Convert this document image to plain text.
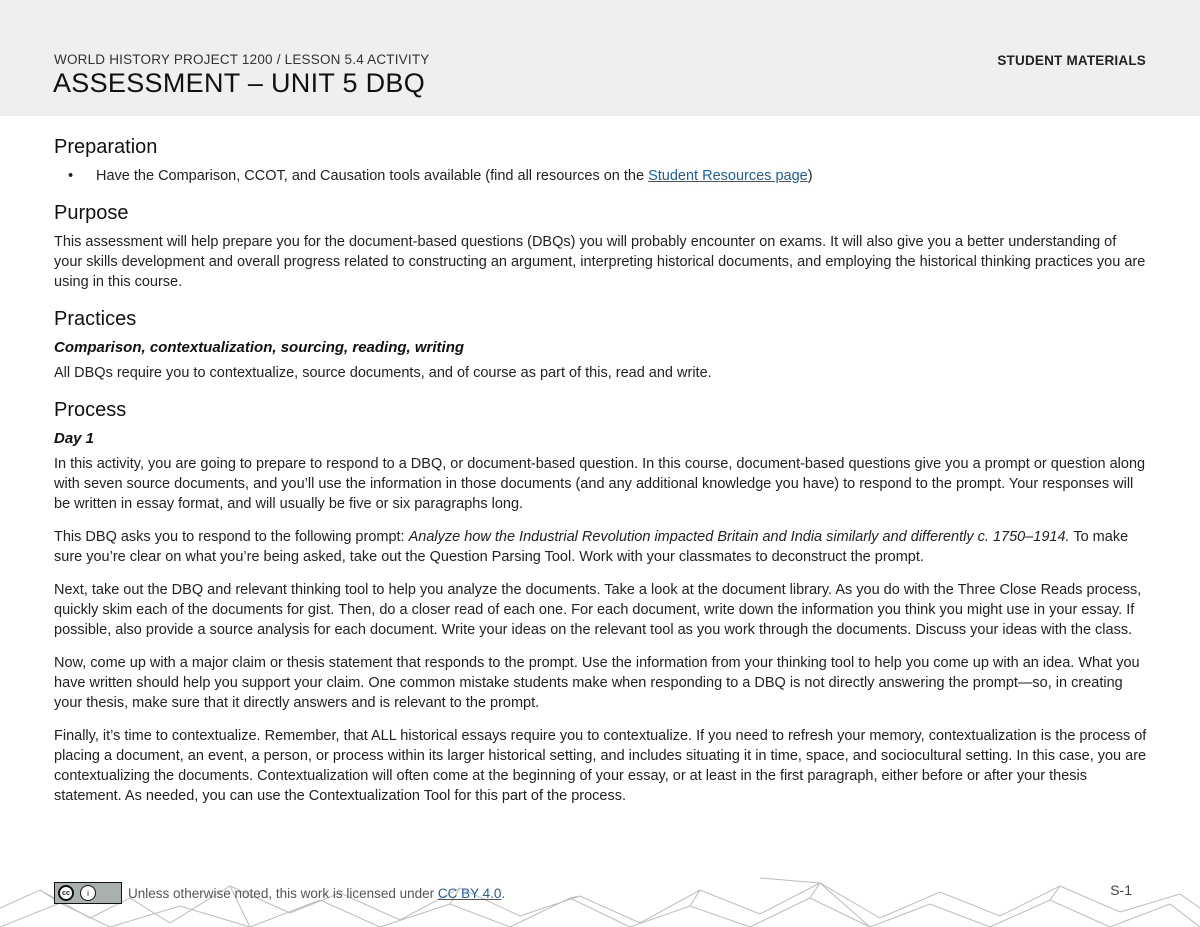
WORLD HISTORY PROJECT 1200 / LESSON 5.4 ACTIVITY
ASSESSMENT – UNIT 5 DBQ
STUDENT MATERIALS
Preparation
• Have the Comparison, CCOT, and Causation tools available (find all resources on the Student Resources page)
Purpose

This assessment will help prepare you for the document-based questions (DBQs) you will probably encounter on exams. It will also give you a better understanding of your skills development and overall progress related to constructing an argument, interpreting historical documents, and employing the historical thinking practices you are using in this course.

Practices
Comparison, contextualization, sourcing, reading, writing

All DBQs require you to contextualize, source documents, and of course as part of this, read and write.

Process
Day 1

In this activity, you are going to prepare to respond to a DBQ, or document-based question. In this course, document-based questions give you a prompt or question along with seven source documents, and you’ll use the information in those documents (and any additional knowledge you have) to respond to the prompt. Your responses will be written in essay format, and will usually be five or six paragraphs long.

This DBQ asks you to respond to the following prompt: Analyze how the Industrial Revolution impacted Britain and India similarly and differently c. 1750–1914. To make sure you’re clear on what you’re being asked, take out the Question Parsing Tool. Work with your classmates to deconstruct the prompt.

Next, take out the DBQ and relevant thinking tool to help you analyze the documents. Take a look at the document library. As you do with the Three Close Reads process, quickly skim each of the documents for gist. Then, do a closer read of each one. For each document, write down the information you think you might use in your essay. If possible, also provide a source analysis for each document. Write your ideas on the relevant tool as you work through the documents. Discuss your ideas with the class.

Now, come up with a major claim or thesis statement that responds to the prompt. Use the information from your thinking tool to help you come up with an idea. What you have written should help you support your claim. One common mistake students make when responding to a DBQ is not directly answering the prompt—so, in creating your thesis, make sure that it directly answers and is relevant to the prompt.

Finally, it’s time to contextualize. Remember, that ALL historical essays require you to contextualize. If you need to refresh your memory, contextualization is the process of placing a document, an event, a person, or process within its larger historical setting, and includes situating it in time, space, and sociocultural setting. In this case, you are contextualizing the documents. Contextualization will often come at the beginning of your essay, or at least in the first paragraph, either before or after your thesis statement. As needed, you can use the Contextualization Tool for this part of the process.

cc	i	Unless otherwise noted, this work is licensed under CC BY 4.0.	S-1
